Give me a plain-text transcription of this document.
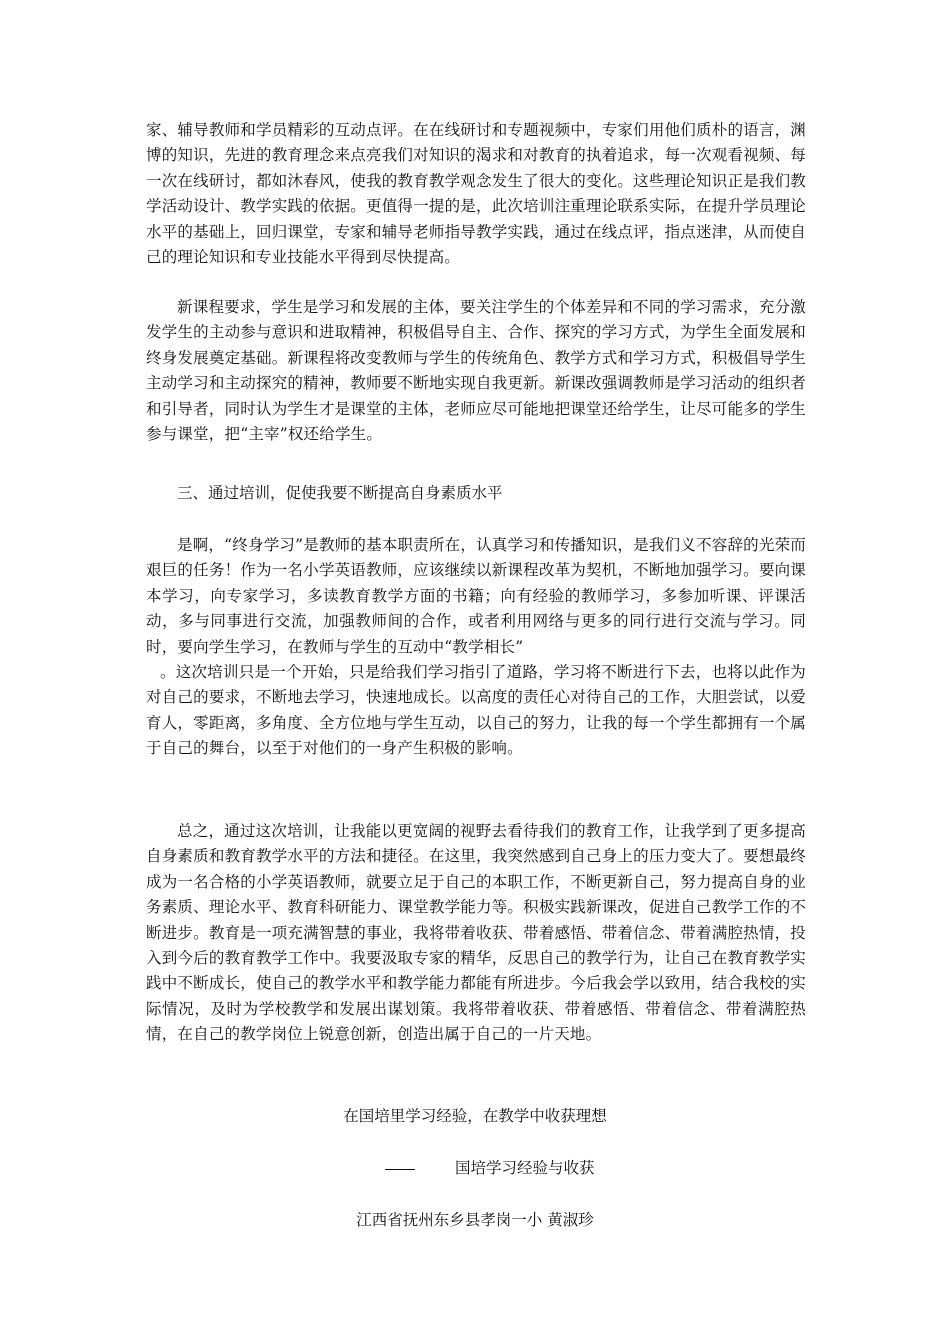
家、辅导教师和学员精彩的互动点评。在在线研讨和专题视频中，专家们用他们质朴的语言，渊博的知识，先进的教育理念来点亮我们对知识的渴求和对教育的执着追求，每一次观看视频、每一次在线研讨，都如沐春风，使我的教育教学观念发生了很大的变化。这些理论知识正是我们教学活动设计、教学实践的依据。更值得一提的是，此次培训注重理论联系实际，在提升学员理论水平的基础上，回归课堂，专家和辅导老师指导教学实践，通过在线点评，指点迷津，从而使自己的理论知识和专业技能水平得到尽快提高。

新课程要求，学生是学习和发展的主体，要关注学生的个体差异和不同的学习需求，充分激发学生的主动参与意识和进取精神，积极倡导自主、合作、探究的学习方式，为学生全面发展和终身发展奠定基础。新课程将改变教师与学生的传统角色、教学方式和学习方式，积极倡导学生主动学习和主动探究的精神，教师要不断地实现自我更新。新课改强调教师是学习活动的组织者和引导者，同时认为学生才是课堂的主体，老师应尽可能地把课堂还给学生，让尽可能多的学生参与课堂，把“主宰”权还给学生。

三、通过培训，促使我要不断提高自身素质水平

是啊，“终身学习”是教师的基本职责所在，认真学习和传播知识，是我们义不容辞的光荣而艰巨的任务！作为一名小学英语教师，应该继续以新课程改革为契机，不断地加强学习。要向课本学习，向专家学习，多读教育教学方面的书籍；向有经验的教师学习，多参加听课、评课活动，多与同事进行交流，加强教师间的合作，或者利用网络与更多的同行进行交流与学习。同时，要向学生学习，在教师与学生的互动中“教学相长”

。这次培训只是一个开始，只是给我们学习指引了道路，学习将不断进行下去，也将以此作为对自己的要求，不断地去学习，快速地成长。以高度的责任心对待自己的工作，大胆尝试，以爱育人，零距离，多角度、全方位地与学生互动，以自己的努力，让我的每一个学生都拥有一个属于自己的舞台，以至于对他们的一身产生积极的影响。

总之，通过这次培训，让我能以更宽阔的视野去看待我们的教育工作，让我学到了更多提高自身素质和教育教学水平的方法和捷径。在这里，我突然感到自己身上的压力变大了。要想最终成为一名合格的小学英语教师，就要立足于自己的本职工作，不断更新自己，努力提高自身的业务素质、理论水平、教育科研能力、课堂教学能力等。积极实践新课改，促进自己教学工作的不断进步。教育是一项充满智慧的事业，我将带着收获、带着感悟、带着信念、带着满腔热情，投入到今后的教育教学工作中。我要汲取专家的精华，反思自己的教学行为，让自己在教育教学实践中不断成长，使自己的教学水平和教学能力都能有所进步。今后我会学以致用，结合我校的实际情况，及时为学校教学和发展出谋划策。我将带着收获、带着感悟、带着信念、带着满腔热情，在自己的教学岗位上锐意创新，创造出属于自己的一片天地。

在国培里学习经验，在教学中收获理想

国培学习经验与收获

江西省抚州东乡县孝岗一小 黄淑珍
